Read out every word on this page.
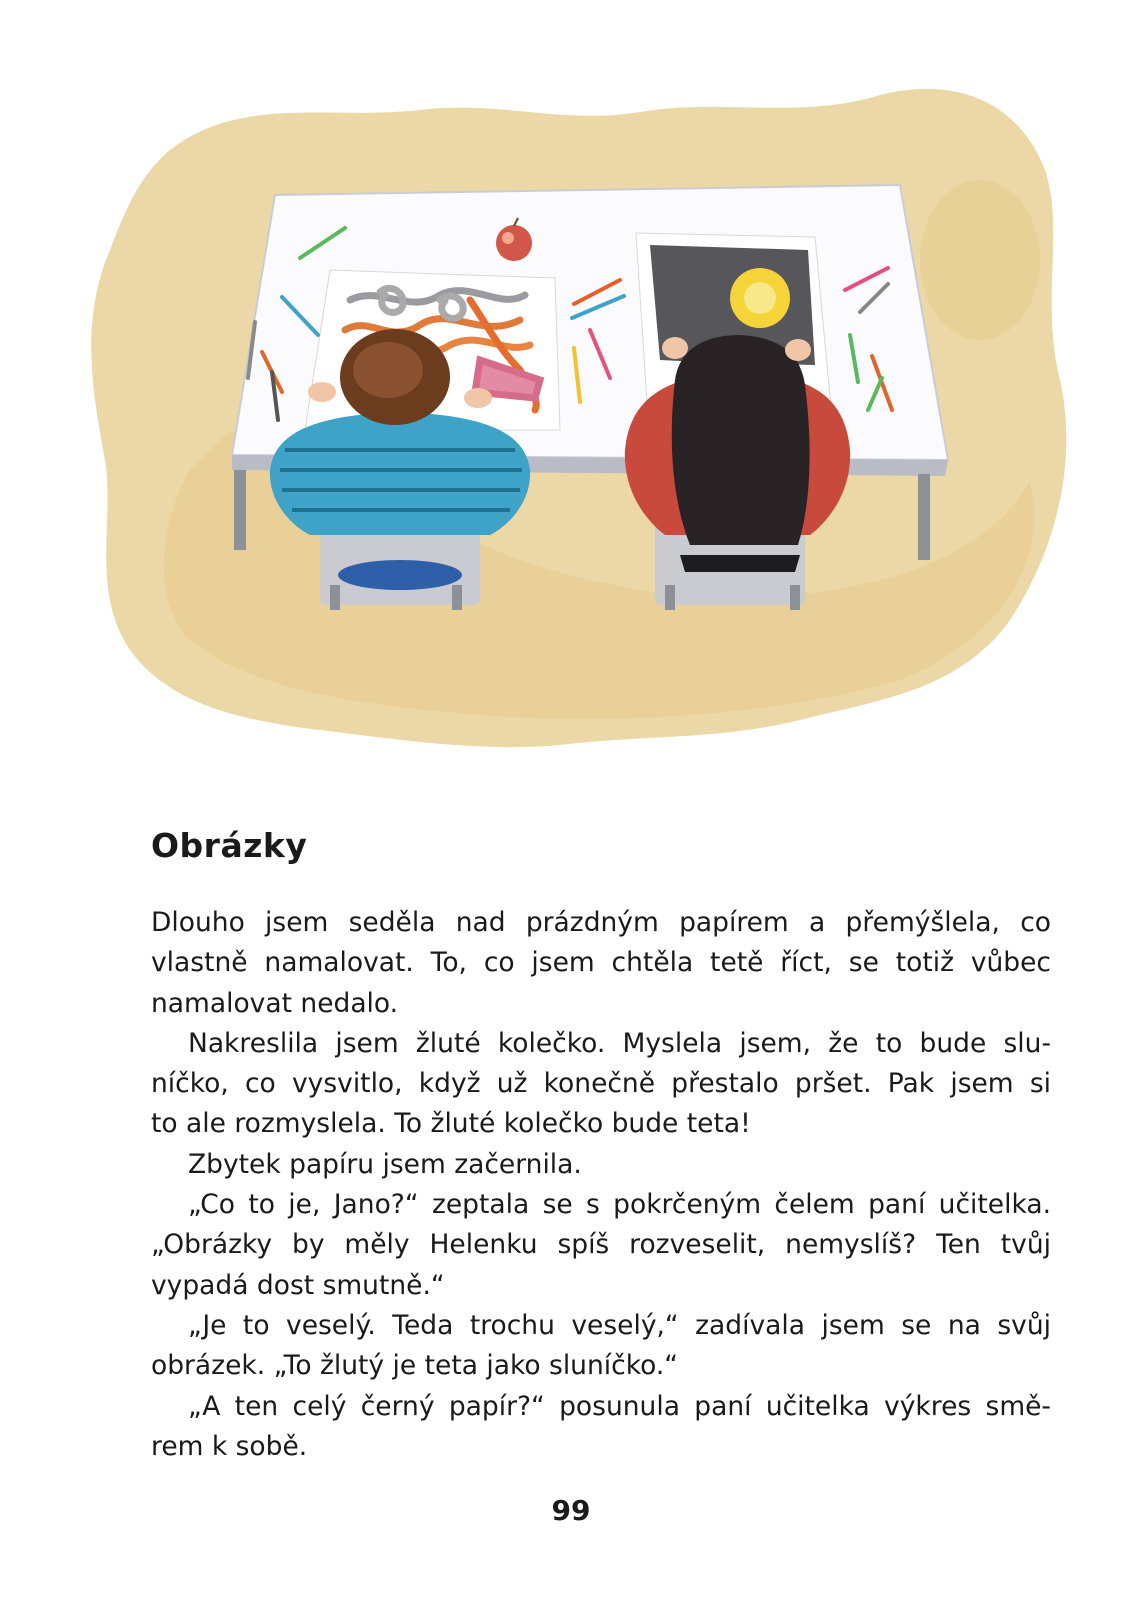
Obrázky
Dlouho jsem seděla nad prázdným papírem a přemýšlela, co
vlastně namalovat. To, co jsem chtěla tetě říct, se totiž vůbec
namalovat nedalo.
Nakreslila jsem žluté kolečko. Myslela jsem, že to bude slu-
níčko, co vysvitlo, když už konečně přestalo pršet. Pak jsem si
to ale rozmyslela. To žluté kolečko bude teta!
Zbytek papíru jsem začernila.
„Co to je, Jano?“ zeptala se s pokrčeným čelem paní učitelka.
„Obrázky by měly Helenku spíš rozveselit, nemyslíš? Ten tvůj
vypadá dost smutně.“
„Je to veselý. Teda trochu veselý,“ zadívala jsem se na svůj
obrázek. „To žlutý je teta jako sluníčko.“
„A ten celý černý papír?“ posunula paní učitelka výkres smě-
rem k sobě.
99
